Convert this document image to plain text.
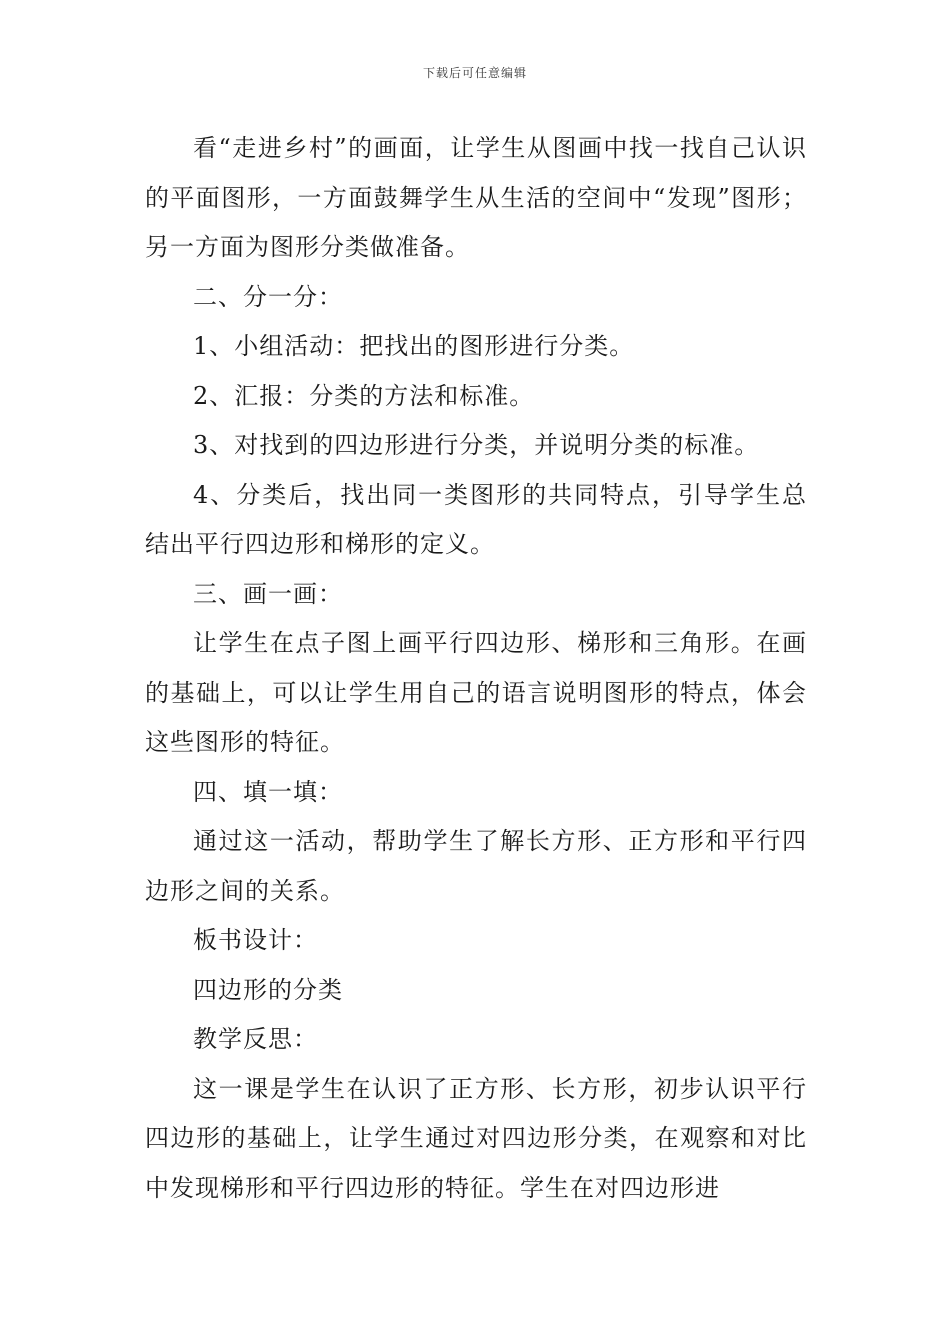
下载后可任意编辑

看“走进乡村”的画面，让学生从图画中找一找自己认识的平面图形，一方面鼓舞学生从生活的空间中“发现”图形；另一方面为图形分类做准备。

二、分一分：

1、小组活动：把找出的图形进行分类。

2、汇报：分类的方法和标准。

3、对找到的四边形进行分类，并说明分类的标准。

4、分类后，找出同一类图形的共同特点，引导学生总结出平行四边形和梯形的定义。

三、画一画：

让学生在点子图上画平行四边形、梯形和三角形。在画的基础上，可以让学生用自己的语言说明图形的特点，体会这些图形的特征。

四、填一填：

通过这一活动，帮助学生了解长方形、正方形和平行四边形之间的关系。

板书设计：

四边形的分类

教学反思：

这一课是学生在认识了正方形、长方形，初步认识平行四边形的基础上，让学生通过对四边形分类，在观察和对比中发现梯形和平行四边形的特征。学生在对四边形进
